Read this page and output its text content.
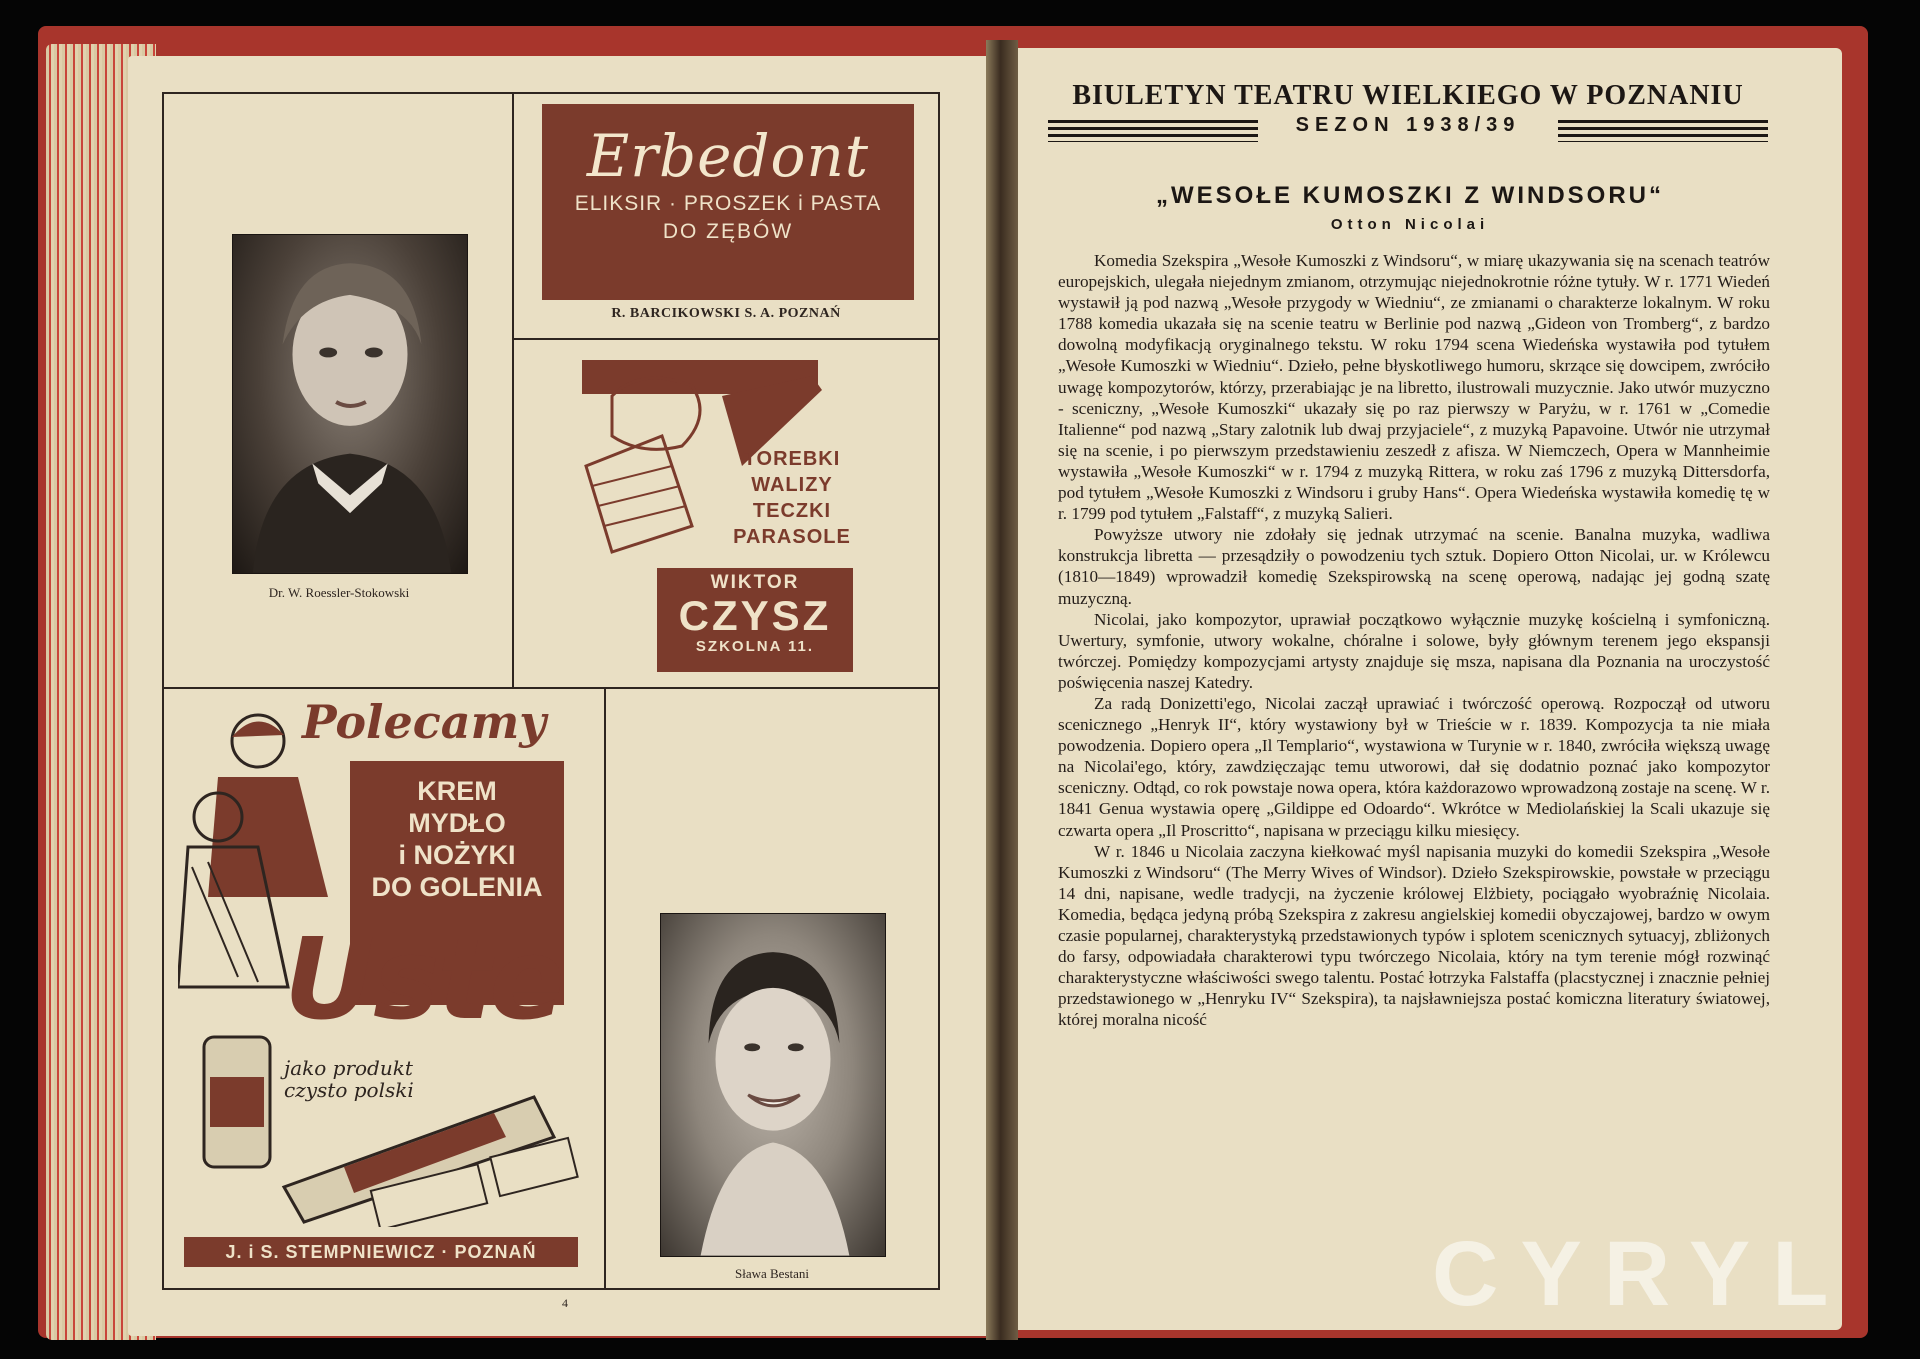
Dr. W. Roessler-Stokowski
Erbedont
ELIKSIR · PROSZEK i PASTA
DO ZĘBÓW
R. BARCIKOWSKI S. A. POZNAŃ
TOREBKI
WALIZY
TECZKI
PARASOLE
WIKTOR
CZYSZ
SZKOLNA 11.
Polecamy
KREM
MYDŁO
i NOŻYKI
DO GOLENIA
Uste
jako produkt
czysto polski
J. i S. STEMPNIEWICZ · POZNAŃ
Sława Bestani
4
BIULETYN TEATRU WIELKIEGO W POZNANIU
SEZON 1938/39
„WESOŁE KUMOSZKI Z WINDSORU“
Otton Nicolai

Komedia Szekspira „Wesołe Kumoszki z Windsoru“, w miarę ukazywania się na scenach teatrów europejskich, ulegała niejednym zmianom, otrzymując niejednokrotnie różne tytuły. W r. 1771 Wiedeń wystawił ją pod nazwą „Wesołe przygody w Wiedniu“, ze zmianami o charakterze lokalnym. W roku 1788 komedia ukazała się na scenie teatru w Berlinie pod nazwą „Gideon von Tromberg“, z bardzo dowolną modyfikacją oryginalnego tekstu. W roku 1794 scena Wiedeńska wystawiła pod tytułem „Wesołe Kumoszki w Wiedniu“. Dzieło, pełne błyskotliwego humoru, skrzące się dowcipem, zwróciło uwagę kompozytorów, którzy, przerabiając je na libretto, ilustrowali muzycznie. Jako utwór muzyczno - sceniczny, „Wesołe Kumoszki“ ukazały się po raz pierwszy w Paryżu, w r. 1761 w „Comedie Italienne“ pod nazwą „Stary zalotnik lub dwaj przyjaciele“, z muzyką Papavoine. Utwór nie utrzymał się na scenie, i po pierwszym przedstawieniu zeszedł z afisza. W Niemczech, Opera w Mannheimie wystawiła „Wesołe Kumoszki“ w r. 1794 z muzyką Rittera, w roku zaś 1796 z muzyką Dittersdorfa, pod tytułem „Wesołe Kumoszki z Windsoru i gruby Hans“. Opera Wiedeńska wystawiła komedię tę w r. 1799 pod tytułem „Falstaff“, z muzyką Salieri.

Powyższe utwory nie zdołały się jednak utrzymać na scenie. Banalna muzyka, wadliwa konstrukcja libretta — przesądziły o powodzeniu tych sztuk. Dopiero Otton Nicolai, ur. w Królewcu (1810—1849) wprowadził komedię Szekspirowską na scenę operową, nadając jej godną szatę muzyczną.

Nicolai, jako kompozytor, uprawiał początkowo wyłącznie muzykę kościelną i symfoniczną. Uwertury, symfonie, utwory wokalne, chóralne i solowe, były głównym terenem jego ekspansji twórczej. Pomiędzy kompozycjami artysty znajduje się msza, napisana dla Poznania na uroczystość poświęcenia naszej Katedry.

Za radą Donizetti'ego, Nicolai zaczął uprawiać i twórczość operową. Rozpoczął od utworu scenicznego „Henryk II“, który wystawiony był w Trieście w r. 1839. Kompozycja ta nie miała powodzenia. Dopiero opera „Il Templario“, wystawiona w Turynie w r. 1840, zwróciła większą uwagę na Nicolai'ego, który, zawdzięczając temu utworowi, dał się dodatnio poznać jako kompozytor sceniczny. Odtąd, co rok powstaje nowa opera, która każdorazowo wprowadzoną zostaje na scenę. W r. 1841 Genua wystawia operę „Gildippe ed Odoardo“. Wkrótce w Mediolańskiej la Scali ukazuje się czwarta opera „Il Proscritto“, napisana w przeciągu kilku miesięcy.

W r. 1846 u Nicolaia zaczyna kiełkować myśl napisania muzyki do komedii Szekspira „Wesołe Kumoszki z Windsoru“ (The Merry Wives of Windsor). Dzieło Szekspirowskie, powstałe w przeciągu 14 dni, napisane, wedle tradycji, na życzenie królowej Elżbiety, pociągało wyobraźnię Nicolaia. Komedia, będąca jedyną próbą Szekspira z zakresu angielskiej komedii obyczajowej, bardzo w owym czasie popularnej, charakterystyką przedstawionych typów i splotem scenicznych sytuacyj, zbliżonych do farsy, odpowiadała charakterowi typu twórczego Nicolaia, który na tym terenie mógł rozwinąć charakterystyczne właściwości swego talentu. Postać łotrzyka Falstaffa (placstycznej i znacznie pełniej przedstawionego w „Henryku IV“ Szekspira), ta najsławniejsza postać komiczna literatury światowej, której moralna nicość

CYRYL
